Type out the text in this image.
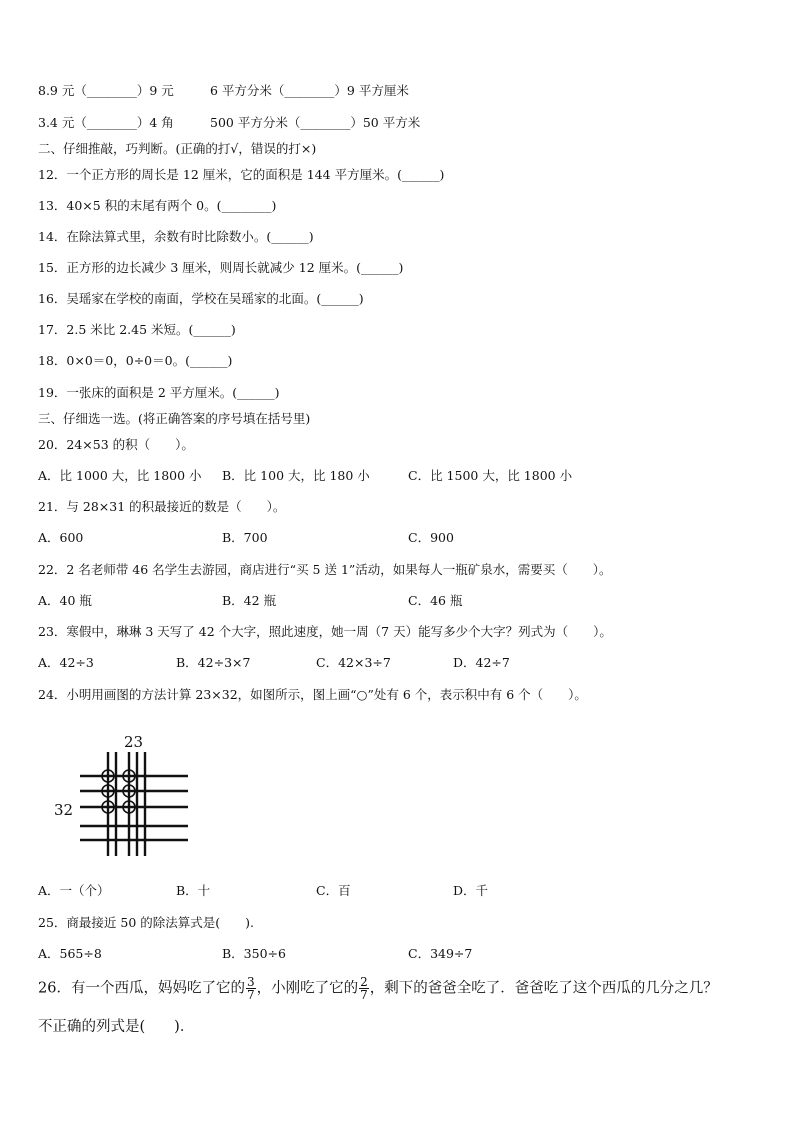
8.9 元（________）9 元	6 平方分米（________）9 平方厘米
3.4 元（________）4 角	500 平方分米（________）50 平方米
二、仔细推敲，巧判断。(正确的打√，错误的打×)
12．一个正方形的周长是 12 厘米，它的面积是 144 平方厘米。(______)
13．40×5 积的末尾有两个 0。(________)
14．在除法算式里，余数有时比除数小。(______)
15．正方形的边长减少 3 厘米，则周长就减少 12 厘米。(______)
16．吴瑶家在学校的南面，学校在吴瑶家的北面。(______)
17．2.5 米比 2.45 米短。(______)
18．0×0＝0，0÷0＝0。(______)
19．一张床的面积是 2 平方厘米。(______)
三、仔细选一选。(将正确答案的序号填在括号里)
20．24×53 的积（　　）。
A．比 1000 大，比 1800 小 B．比 100 大，比 180 小	C．比 1500 大，比 1800 小
21．与 28×31 的积最接近的数是（　　）。
A．600	B．700	C．900
22．2 名老师带 46 名学生去游园，商店进行“买 5 送 1”活动，如果每人一瓶矿泉水，需要买（　　）。
A．40 瓶	B．42 瓶	C．46 瓶
23．寒假中，琳琳 3 天写了 42 个大字，照此速度，她一周（7 天）能写多少个大字？列式为（　　）。
A．42÷3	B．42÷3×7	C．42×3÷7	D．42÷7
24．小明用画图的方法计算 23×32，如图所示，图上画“○”处有 6 个，表示积中有 6 个（　　）。
23
32
A．一（个）	B．十	C．百	D．千
25．商最接近 50 的除法算式是(　　).
A．565÷8	B．350÷6	C．349÷7
26．有一个西瓜，妈妈吃了它的 $\frac{3}{7}$ ，小刚吃了它的 $\frac{2}{7}$ ，剩下的爸爸全吃了．爸爸吃了这个西瓜的几分之几？
不正确的列式是(　　)．
